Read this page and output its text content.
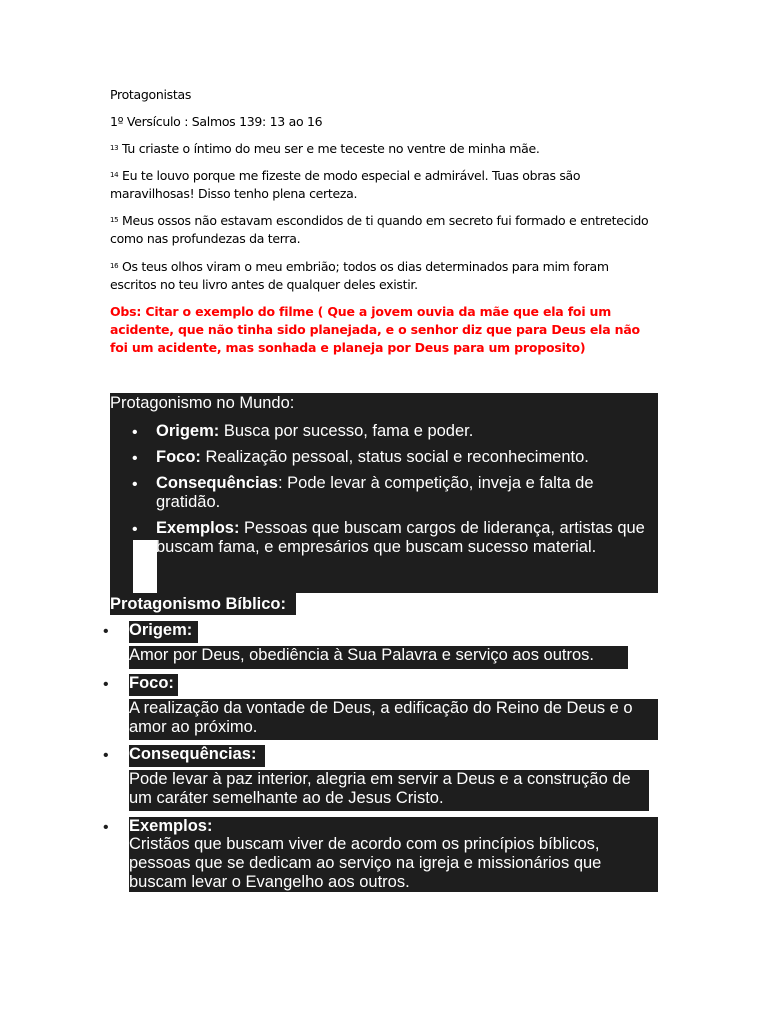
Protagonistas

1º Versículo : Salmos 139: 13 ao 16

$^{13}$ Tu criaste o íntimo do meu ser e me teceste no ventre de minha mãe.

$^{14}$ Eu te louvo porque me fizeste de modo especial e admirável. Tuas obras são maravilhosas! Disso tenho plena certeza.

$^{15}$ Meus ossos não estavam escondidos de ti quando em secreto fui formado e entretecido como nas profundezas da terra.

$^{16}$ Os teus olhos viram o meu embrião; todos os dias determinados para mim foram escritos no teu livro antes de qualquer deles existir.

Obs: Citar o exemplo do filme ( Que a jovem ouvia da mãe que ela foi um acidente, que não tinha sido planejada, e o senhor diz que para Deus ela não foi um acidente, mas sonhada e planeja por Deus para um proposito)

Protagonismo no Mundo:
• Origem: Busca por sucesso, fama e poder.
• Foco: Realização pessoal, status social e reconhecimento.
• Consequências: Pode levar à competição, inveja e falta de gratidão.
• Exemplos: Pessoas que buscam cargos de liderança, artistas que buscam fama, e empresários que buscam sucesso material.
Protagonismo Bíblico:
• Origem:
Amor por Deus, obediência à Sua Palavra e serviço aos outros.
• Foco:
A realização da vontade de Deus, a edificação do Reino de Deus e o amor ao próximo.
• Consequências:
Pode levar à paz interior, alegria em servir a Deus e a construção de um caráter semelhante ao de Jesus Cristo.
• Exemplos:
Cristãos que buscam viver de acordo com os princípios bíblicos, pessoas que se dedicam ao serviço na igreja e missionários que buscam levar o Evangelho aos outros.
